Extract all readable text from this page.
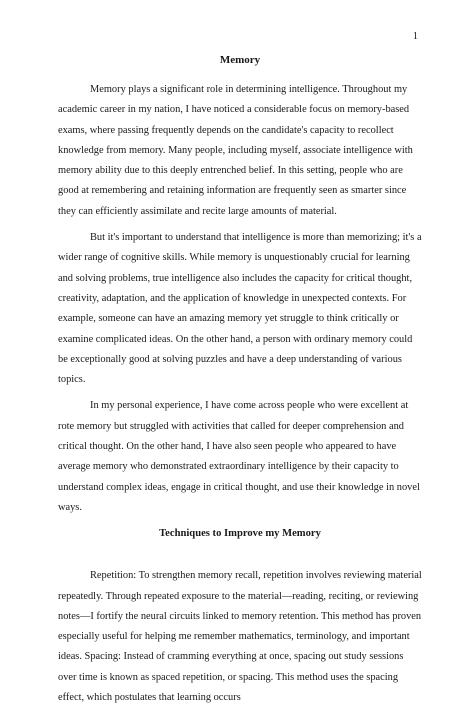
1
Memory

Memory plays a significant role in determining intelligence. Throughout my academic career in my nation, I have noticed a considerable focus on memory-based exams, where passing frequently depends on the candidate's capacity to recollect knowledge from memory. Many people, including myself, associate intelligence with memory ability due to this deeply entrenched belief. In this setting, people who are good at remembering and retaining information are frequently seen as smarter since they can efficiently assimilate and recite large amounts of material.

But it's important to understand that intelligence is more than memorizing; it's a wider range of cognitive skills. While memory is unquestionably crucial for learning and solving problems, true intelligence also includes the capacity for critical thought, creativity, adaptation, and the application of knowledge in unexpected contexts. For example, someone can have an amazing memory yet struggle to think critically or examine complicated ideas. On the other hand, a person with ordinary memory could be exceptionally good at solving puzzles and have a deep understanding of various topics.

In my personal experience, I have come across people who were excellent at rote memory but struggled with activities that called for deeper comprehension and critical thought. On the other hand, I have also seen people who appeared to have average memory who demonstrated extraordinary intelligence by their capacity to understand complex ideas, engage in critical thought, and use their knowledge in novel ways.

Techniques to Improve my Memory

Repetition: To strengthen memory recall, repetition involves reviewing material repeatedly. Through repeated exposure to the material—reading, reciting, or reviewing notes—I fortify the neural circuits linked to memory retention. This method has proven especially useful for helping me remember mathematics, terminology, and important ideas. Spacing: Instead of cramming everything at once, spacing out study sessions over time is known as spaced repetition, or spacing. This method uses the spacing effect, which postulates that learning occurs
